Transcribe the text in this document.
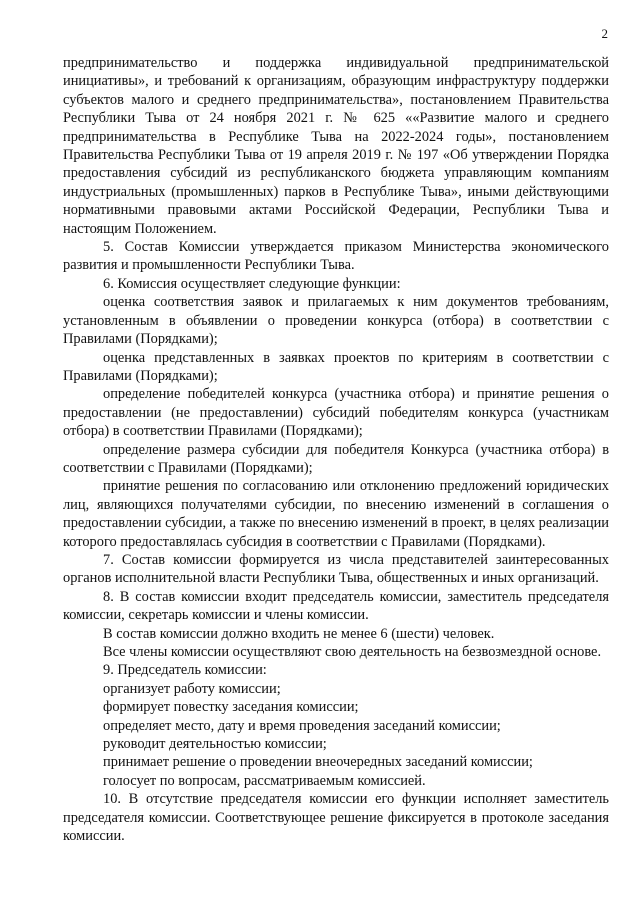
2

предпринимательство и поддержка индивидуальной предпринимательской инициативы», и требований к организациям, образующим инфраструктуру поддержки субъектов малого и среднего предпринимательства», постановлением Правительства Республики Тыва от 24 ноября 2021 г. № 625 ««Развитие малого и среднего предпринимательства в Республике Тыва на 2022-2024 годы», постановлением Правительства Республики Тыва от 19 апреля 2019 г. № 197 «Об утверждении Порядка предоставления субсидий из республиканского бюджета управляющим компаниям индустриальных (промышленных) парков в Республике Тыва», иными действующими нормативными правовыми актами Российской Федерации, Республики Тыва и настоящим Положением.

5. Состав Комиссии утверждается приказом Министерства экономического развития и промышленности Республики Тыва.

6. Комиссия осуществляет следующие функции:

оценка соответствия заявок и прилагаемых к ним документов требованиям, установленным в объявлении о проведении конкурса (отбора) в соответствии с Правилами (Порядками);

оценка представленных в заявках проектов по критериям в соответствии с Правилами (Порядками);

определение победителей конкурса (участника отбора) и принятие решения о предоставлении (не предоставлении) субсидий победителям конкурса (участникам отбора) в соответствии Правилами (Порядками);

определение размера субсидии для победителя Конкурса (участника отбора) в соответствии с Правилами (Порядками);

принятие решения по согласованию или отклонению предложений юридических лиц, являющихся получателями субсидии, по внесению изменений в соглашения о предоставлении субсидии, а также по внесению изменений в проект, в целях реализации которого предоставлялась субсидия в соответствии с Правилами (Порядками).

7. Состав комиссии формируется из числа представителей заинтересованных органов исполнительной власти Республики Тыва, общественных и иных организаций.

8. В состав комиссии входит председатель комиссии, заместитель председателя комиссии, секретарь комиссии и члены комиссии.

В состав комиссии должно входить не менее 6 (шести) человек.

Все члены комиссии осуществляют свою деятельность на безвозмездной основе.

9. Председатель комиссии:

организует работу комиссии;

формирует повестку заседания комиссии;

определяет место, дату и время проведения заседаний комиссии;

руководит деятельностью комиссии;

принимает решение о проведении внеочередных заседаний комиссии;

голосует по вопросам, рассматриваемым комиссией.

10. В отсутствие председателя комиссии его функции исполняет заместитель председателя комиссии. Соответствующее решение фиксируется в протоколе заседания комиссии.
